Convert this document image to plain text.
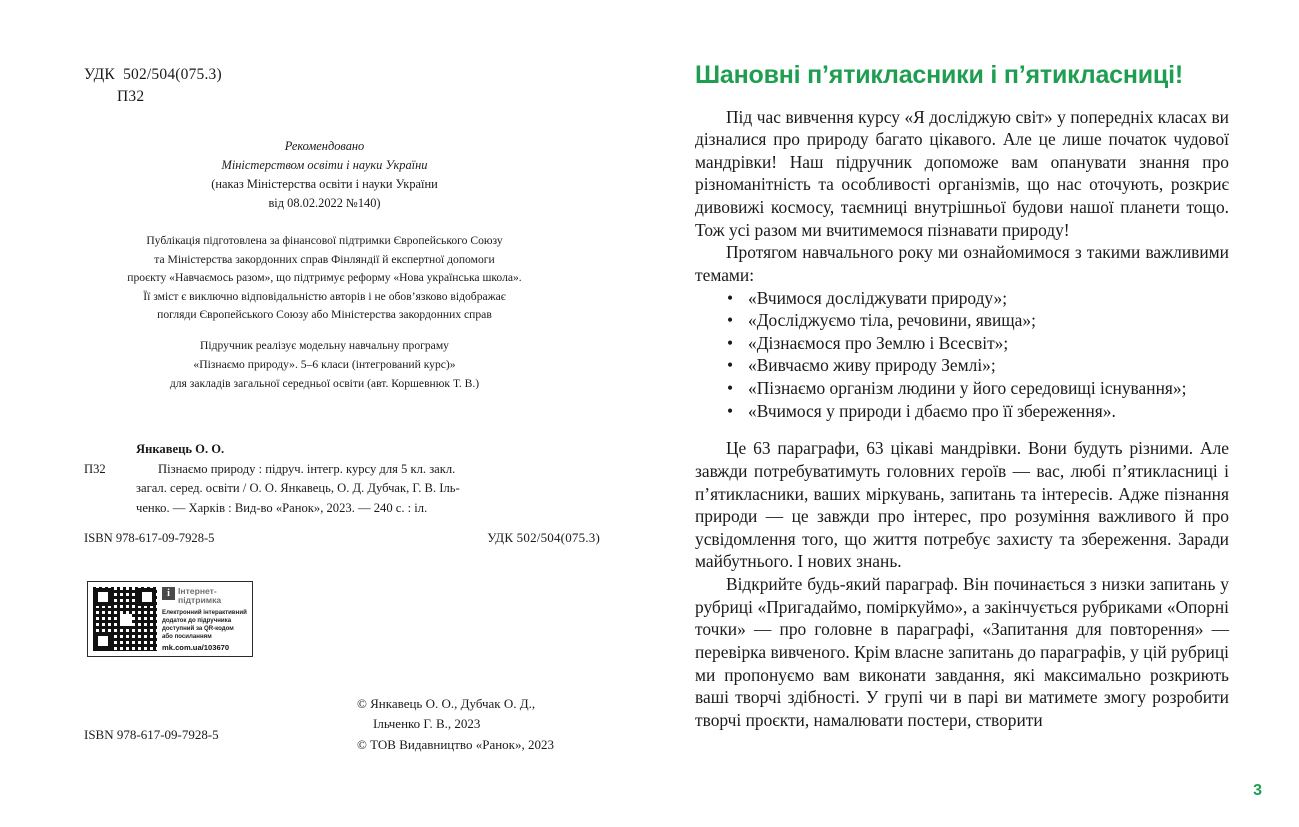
УДК  502/504(075.3)
П32
Рекомендовано
Міністерством освіти і науки України
(наказ Міністерства освіти і науки України
від 08.02.2022 №140)
Публікація підготовлена за фінансової підтримки Європейського Союзу
та Міністерства закордонних справ Фінляндії й експертної допомоги
проєкту «Навчаємось разом», що підтримує реформу «Нова українська школа».
Її зміст є виключно відповідальністю авторів і не обов’язково відображає
погляди Європейського Союзу або Міністерства закордонних справ
Підручник реалізує модельну навчальну програму
«Пізнаємо природу». 5–6 класи (інтегрований курс)»
для закладів загальної середньої освіти (авт. Коршевнюк Т. В.)
Янкавець О. О.
П32	Пізнаємо природу : підруч. інтегр. курсу для 5 кл. закл.
загал. серед. освіти / О. О. Янкавець, О. Д. Дубчак, Г. В. Іль-
ченко. — Харків : Вид-во «Ранок», 2023. — 240 с. : іл.
ISBN 978-617-09-7928-5	УДК 502/504(075.3)
i Інтернет-
підтримка
Електронний інтерактивний
додаток до підручника
доступний за QR-кодом
або посиланням
mk.com.ua/103670
© Янкавець О. О., Дубчак О. Д.,
Ільченко Г. В., 2023
© ТОВ Видавництво «Ранок», 2023
ISBN 978-617-09-7928-5
Шановні п’ятикласники і п’ятикласниці!

Під час вивчення курсу «Я досліджую світ» у попередніх класах ви дізналися про природу багато цікавого. Але це лише початок чудової мандрівки! Наш підручник допоможе вам опанувати знання про різноманітність та особливості організмів, що нас оточують, розкриє дивовижі космосу, таємниці внутрішньої будови нашої планети тощо. Тож усі разом ми вчитимемося пізнавати природу!

Протягом навчального року ми ознайомимося з такими важливими темами:

• «Вчимося досліджувати природу»;
• «Досліджуємо тіла, речовини, явища»;
• «Дізнаємося про Землю і Всесвіт»;
• «Вивчаємо живу природу Землі»;
• «Пізнаємо організм людини у його середовищі існування»;
• «Вчимося у природи і дбаємо про її збереження».

Це 63 параграфи, 63 цікаві мандрівки. Вони будуть різними. Але завжди потребуватимуть головних героїв — вас, любі п’ятикласниці і п’ятикласники, ваших міркувань, запитань та інтересів. Адже пізнання природи — це завжди про інтерес, про розуміння важливого й про усвідомлення того, що життя потребує захисту та збереження. Заради майбутнього. І нових знань.

Відкрийте будь-який параграф. Він починається з низки запитань у рубриці «Пригадаймо, поміркуймо», а закінчується рубриками «Опорні точки» — про головне в параграфі, «Запитання для повторення» — перевірка вивченого. Крім власне запитань до параграфів, у цій рубриці ми пропонуємо вам виконати завдання, які максимально розкриють ваші творчі здібності. У групі чи в парі ви матимете змогу розробити творчі проєкти, намалювати постери, створити

3
